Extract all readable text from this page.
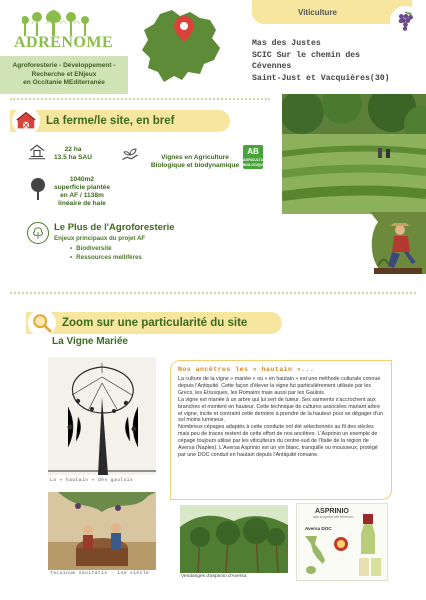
ADRENOME
Agroforesterie - Développement -
Recherche et ENjeux
en Occitanie MEditerranée
Viticulture
Mas des Justes
SCIC Sur le chemin des
Cévennes
Saint-Just et Vacquières(30)
La ferme/le site, en bref
22 ha
13.5 ha SAU	Vignes en Agriculture
Biologique et biodynamique
AB
AGRICULTURE BIOLOGIQUE
1040m2
superficie plantée
en AF / 1138m
linéaire de haie
Le Plus de l'Agroforesterie
Enjeux principaux du projet AF
• Biodiversité
• Ressources mellifères
Zoom sur une particularité du site
La Vigne Mariée
La « hautain » des gaulois
Tacuinum sanitatis - 14e siècle
Nos ancêtres les « hautain »...

La culture de la vigne « mariée » ou « en hautain » est une méthode culturale connue depuis l'Antiquité. Cette façon d'élever la vigne fut particulièrement utilisée par les Grecs, les Etrusques, les Romains mais aussi par les Gaulois.

La vigne est mariée à un arbre qui lui sert de tuteur. Ses sarments s'accrochent aux branches et montent en hauteur. Cette technique de cultures associées mariant arbre et vigne, incite et contraint cette dernière à prendre de la hauteur pour se dégager d'un sol moins lumineux.

Nombreux cépages adaptés à cette conduite ont été sélectionnés au fil des siècles mais peu de traces restent de cette effort de nos ancêtres. L'Asprinio un exemple de cépage toujours utilisé par les viticulteurs du centre-sud de l'Italie de la région de Aversa (Naples). L'Aversa Asprinio est un vin blanc, tranquille ou mousseux, protégé par une DOC conduit en hautain depuis l'Antiquité romaine.

Vendanges d'asprinio d'Aversa
ASPRINIO
alla scoperta del territorio
Aversa DOC
